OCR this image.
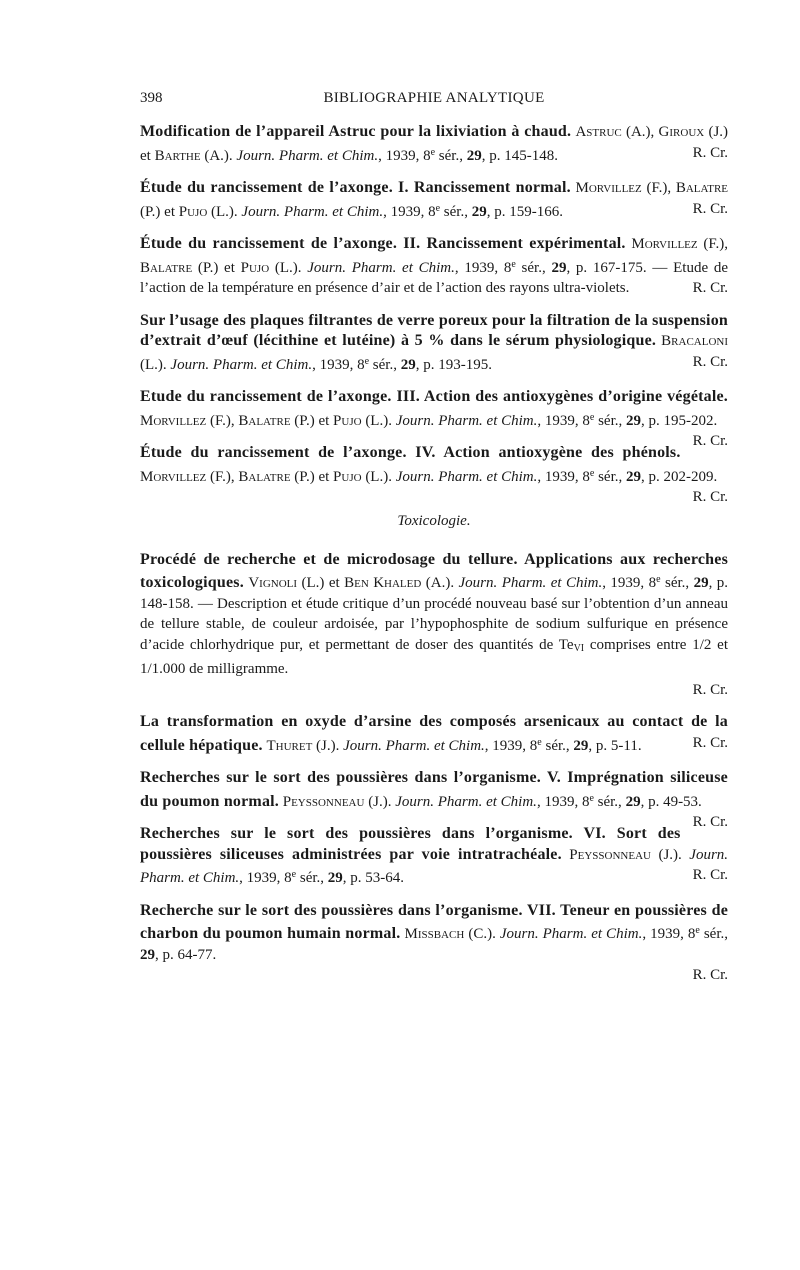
398	BIBLIOGRAPHIE ANALYTIQUE
Modification de l’appareil Astruc pour la lixiviation à chaud. Astruc (A.), Giroux (J.) et Barthe (A.). Journ. Pharm. et Chim., 1939, 8e sér., 29, p. 145-148.	R. Cr.
Étude du rancissement de l’axonge. I. Rancissement normal. Morvillez (F.), Balatre (P.) et Pujo (L.). Journ. Pharm. et Chim., 1939, 8e sér., 29, p. 159-166.	R. Cr.
Étude du rancissement de l’axonge. II. Rancissement expérimental. Morvillez (F.), Balatre (P.) et Pujo (L.). Journ. Pharm. et Chim., 1939, 8e sér., 29, p. 167-175. — Etude de l’action de la température en présence d’air et de l’action des rayons ultra-violets.	R. Cr.
Sur l’usage des plaques filtrantes de verre poreux pour la filtration de la suspension d’extrait d’œuf (lécithine et lutéine) à 5 % dans le sérum physiologique. Bracaloni (L.). Journ. Pharm. et Chim., 1939, 8e sér., 29, p. 193-195.	R. Cr.
Etude du rancissement de l’axonge. III. Action des antioxygènes d’origine végétale. Morvillez (F.), Balatre (P.) et Pujo (L.). Journ. Pharm. et Chim., 1939, 8e sér., 29, p. 195-202.
R. Cr.
Étude du rancissement de l’axonge. IV. Action antioxygène des phénols. Morvillez (F.), Balatre (P.) et Pujo (L.). Journ. Pharm. et Chim., 1939, 8e sér., 29, p. 202-209.
R. Cr.
Toxicologie.
Procédé de recherche et de microdosage du tellure. Applications aux recherches toxicologiques. Vignoli (L.) et Ben Khaled (A.). Journ. Pharm. et Chim., 1939, 8e sér., 29, p. 148-158. — Description et étude critique d’un procédé nouveau basé sur l’obtention d’un anneau de tellure stable, de couleur ardoisée, par l’hypophosphite de sodium sulfurique en présence d’acide chlorhydrique pur, et permettant de doser des quantités de $Te_{VI}$ comprises entre 1/2 et 1/1.000 de milligramme.
R. Cr.
La transformation en oxyde d’arsine des composés arsenicaux au contact de la cellule hépatique. Thuret (J.). Journ. Pharm. et Chim., 1939, 8e sér., 29, p. 5-11.	R. Cr.
Recherches sur le sort des poussières dans l’organisme. V. Imprégnation siliceuse du poumon normal. Peyssonneau (J.). Journ. Pharm. et Chim., 1939, 8e sér., 29, p. 49-53.
R. Cr.
Recherches sur le sort des poussières dans l’organisme. VI. Sort des poussières siliceuses administrées par voie intratrachéale. Peyssonneau (J.). Journ. Pharm. et Chim., 1939, 8e sér., 29, p. 53-64.	R. Cr.
Recherche sur le sort des poussières dans l’organisme. VII. Teneur en poussières de charbon du poumon humain normal. Missbach (C.). Journ. Pharm. et Chim., 1939, 8e sér., 29, p. 64-77.
R. Cr.
